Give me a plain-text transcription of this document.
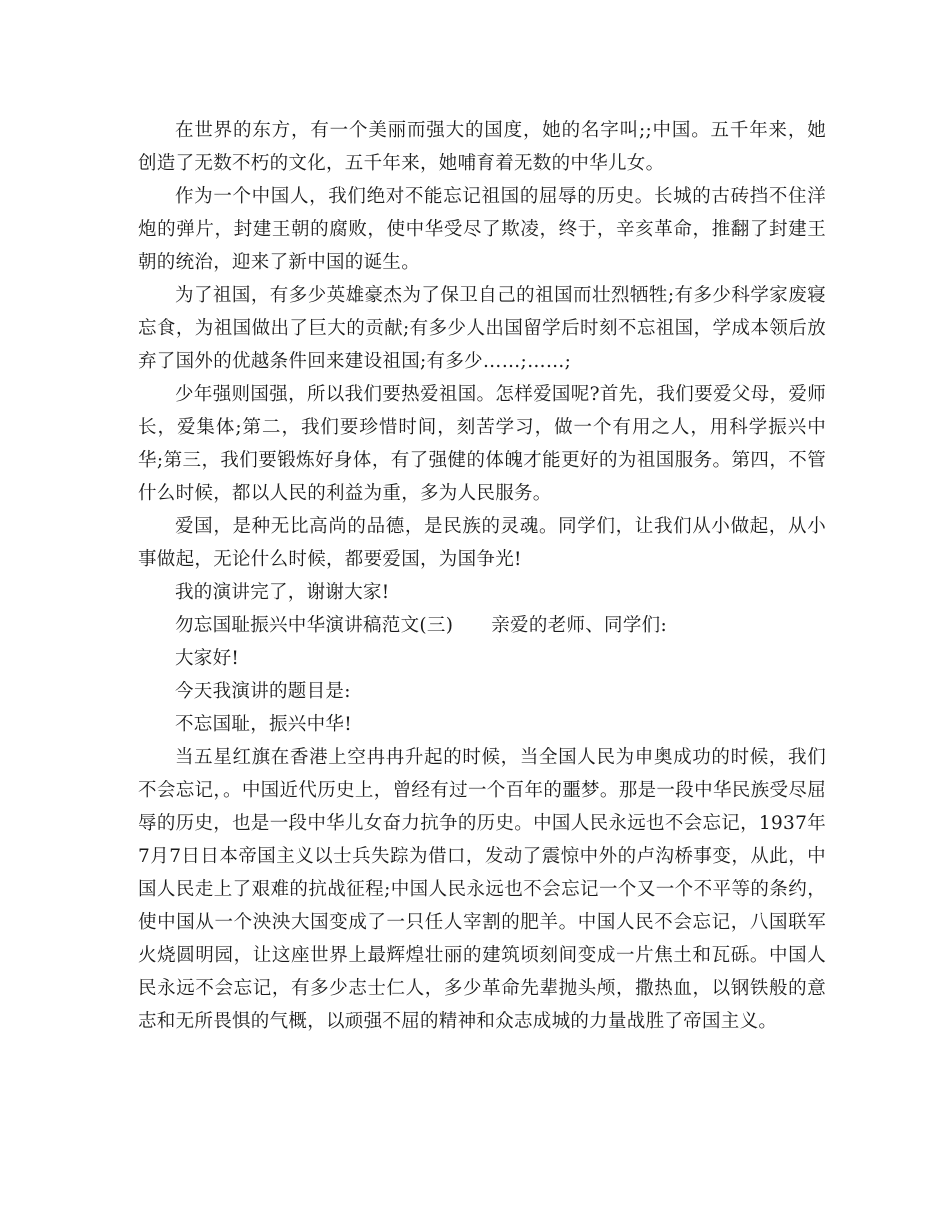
在世界的东方，有一个美丽而强大的国度，她的名字叫;;中国。五千年来，她创造了无数不朽的文化，五千年来，她哺育着无数的中华儿女。

作为一个中国人，我们绝对不能忘记祖国的屈辱的历史。长城的古砖挡不住洋炮的弹片，封建王朝的腐败，使中华受尽了欺凌，终于，辛亥革命，推翻了封建王朝的统治，迎来了新中国的诞生。

为了祖国，有多少英雄豪杰为了保卫自己的祖国而壮烈牺牲;有多少科学家废寝忘食，为祖国做出了巨大的贡献;有多少人出国留学后时刻不忘祖国，学成本领后放弃了国外的优越条件回来建设祖国;有多少……;……;

少年强则国强，所以我们要热爱祖国。怎样爱国呢?首先，我们要爱父母，爱师长，爱集体;第二，我们要珍惜时间，刻苦学习，做一个有用之人，用科学振兴中华;第三，我们要锻炼好身体，有了强健的体魄才能更好的为祖国服务。第四，不管什么时候，都以人民的利益为重，多为人民服务。

爱国，是种无比高尚的品德，是民族的灵魂。同学们，让我们从小做起，从小事做起，无论什么时候，都要爱国，为国争光!

我的演讲完了，谢谢大家!

勿忘国耻振兴中华演讲稿范文(三) 亲爱的老师、同学们:

大家好!

今天我演讲的题目是:

不忘国耻，振兴中华!

当五星红旗在香港上空冉冉升起的时候，当全国人民为申奥成功的时候，我们不会忘记，。中国近代历史上，曾经有过一个百年的噩梦。那是一段中华民族受尽屈辱的历史，也是一段中华儿女奋力抗争的历史。中国人民永远也不会忘记，1937年7月7日日本帝国主义以士兵失踪为借口，发动了震惊中外的卢沟桥事变，从此，中国人民走上了艰难的抗战征程;中国人民永远也不会忘记一个又一个不平等的条约，使中国从一个泱泱大国变成了一只任人宰割的肥羊。中国人民不会忘记，八国联军火烧圆明园，让这座世界上最辉煌壮丽的建筑顷刻间变成一片焦土和瓦砾。中国人民永远不会忘记，有多少志士仁人，多少革命先辈抛头颅，撒热血，以钢铁般的意志和无所畏惧的气概，以顽强不屈的精神和众志成城的力量战胜了帝国主义。
